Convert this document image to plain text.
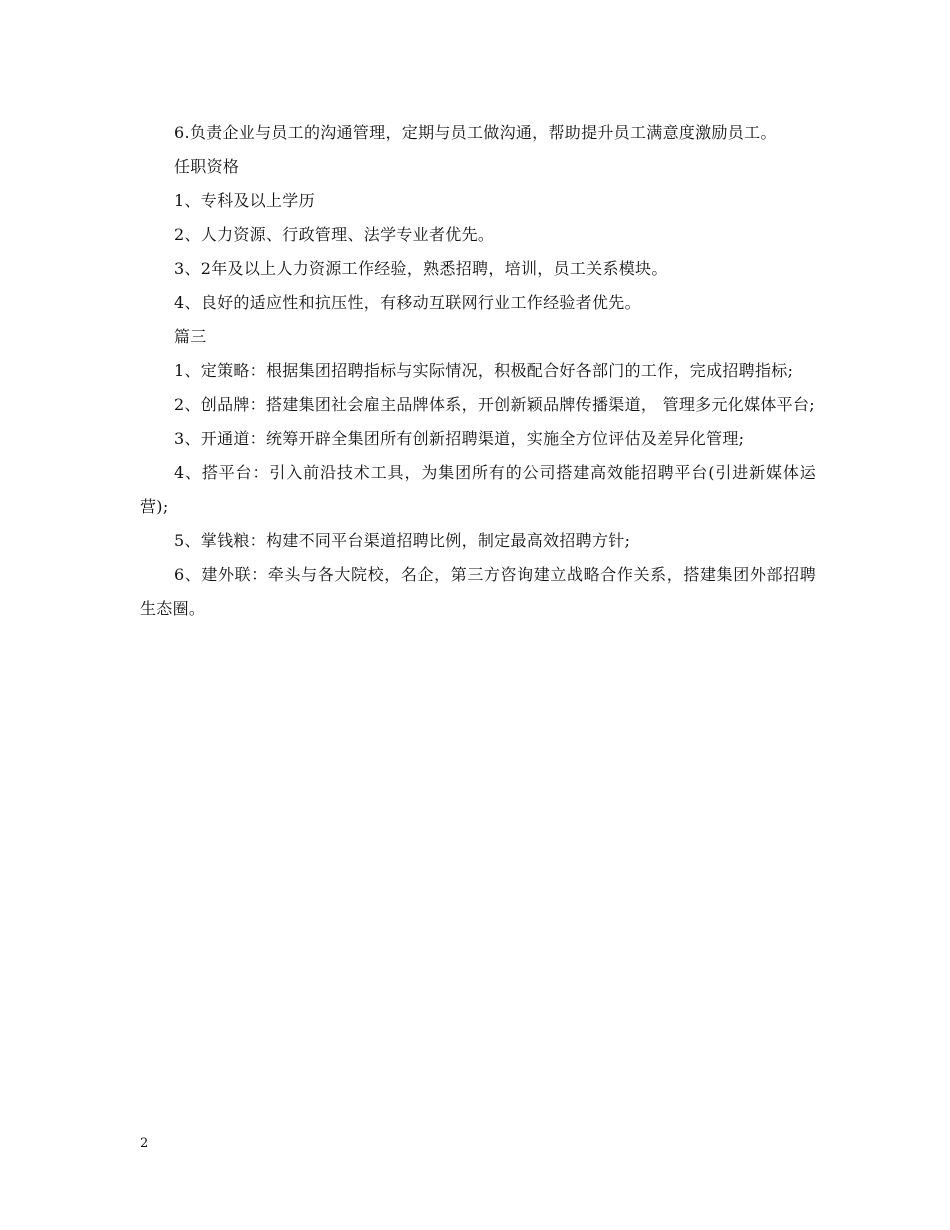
6.负责企业与员工的沟通管理，定期与员工做沟通，帮助提升员工满意度激励员工。

任职资格

1、专科及以上学历

2、人力资源、行政管理、法学专业者优先。

3、2年及以上人力资源工作经验，熟悉招聘，培训，员工关系模块。

4、良好的适应性和抗压性，有移动互联网行业工作经验者优先。

篇三

1、定策略：根据集团招聘指标与实际情况，积极配合好各部门的工作，完成招聘指标;

2、创品牌：搭建集团社会雇主品牌体系，开创新颖品牌传播渠道， 管理多元化媒体平台;

3、开通道：统筹开辟全集团所有创新招聘渠道，实施全方位评估及差异化管理;

4、搭平台：引入前沿技术工具，为集团所有的公司搭建高效能招聘平台(引进新媒体运营);

5、掌钱粮：构建不同平台渠道招聘比例，制定最高效招聘方针;

6、建外联：牵头与各大院校，名企，第三方咨询建立战略合作关系，搭建集团外部招聘生态圈。

2
